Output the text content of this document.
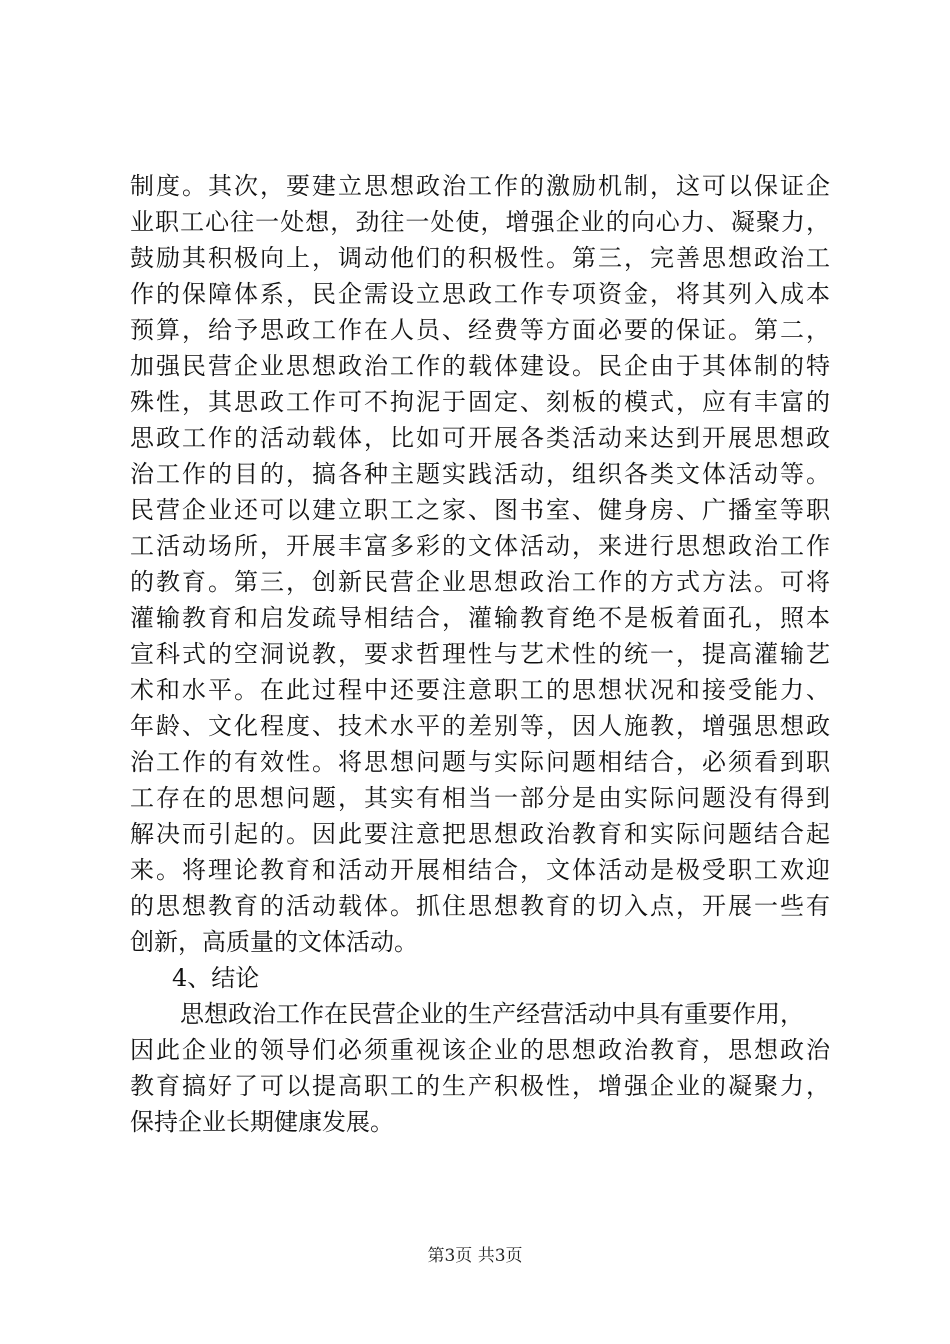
制度。其次，要建立思想政治工作的激励机制，这可以保证企
业职工心往一处想，劲往一处使，增强企业的向心力、凝聚力，
鼓励其积极向上，调动他们的积极性。第三，完善思想政治工
作的保障体系，民企需设立思政工作专项资金，将其列入成本
预算，给予思政工作在人员、经费等方面必要的保证。第二，
加强民营企业思想政治工作的载体建设。民企由于其体制的特
殊性，其思政工作可不拘泥于固定、刻板的模式，应有丰富的
思政工作的活动载体，比如可开展各类活动来达到开展思想政
治工作的目的，搞各种主题实践活动，组织各类文体活动等。
民营企业还可以建立职工之家、图书室、健身房、广播室等职
工活动场所，开展丰富多彩的文体活动，来进行思想政治工作
的教育。第三，创新民营企业思想政治工作的方式方法。可将
灌输教育和启发疏导相结合，灌输教育绝不是板着面孔，照本
宣科式的空洞说教，要求哲理性与艺术性的统一，提高灌输艺
术和水平。在此过程中还要注意职工的思想状况和接受能力、
年龄、文化程度、技术水平的差别等，因人施教，增强思想政
治工作的有效性。将思想问题与实际问题相结合，必须看到职
工存在的思想问题，其实有相当一部分是由实际问题没有得到
解决而引起的。因此要注意把思想政治教育和实际问题结合起
来。将理论教育和活动开展相结合，文体活动是极受职工欢迎
的思想教育的活动载体。抓住思想教育的切入点，开展一些有
创新，高质量的文体活动。
4、结论
思想政治工作在民营企业的生产经营活动中具有重要作用，
因此企业的领导们必须重视该企业的思想政治教育，思想政治
教育搞好了可以提高职工的生产积极性，增强企业的凝聚力，
保持企业长期健康发展。
第3页 共3页
